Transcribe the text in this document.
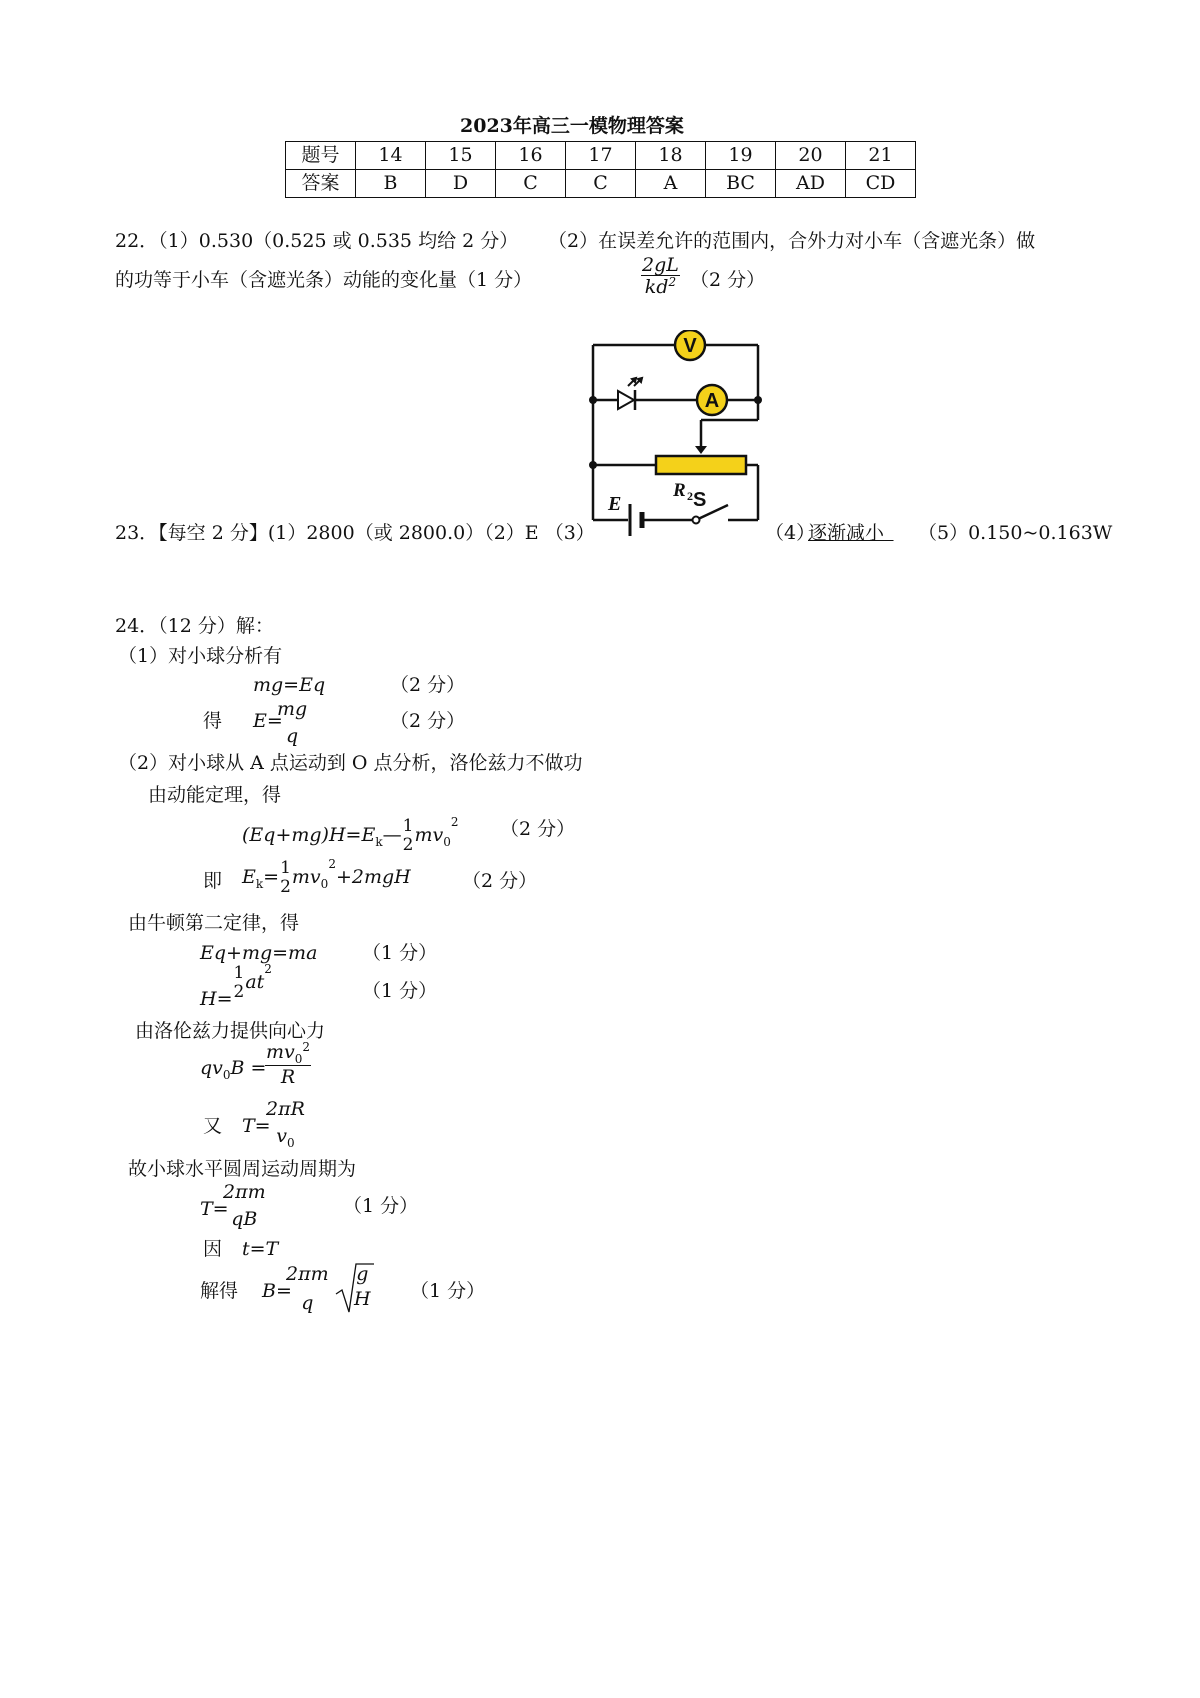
2023年高三一模物理答案
题号	14	15	16	17	18	19	20	21
答案	B	D	C	C	A	BC	AD	CD
22．（1）0.530（0.525 或 0.535 均给 2 分） （2）在误差允许的范围内，合外力对小车（含遮光条）做
的功等于小车（含遮光条）动能的变化量（1 分）	$\frac{2gL}{kd^2} (2$ 分）
V
A
R 2
E	S
23．【每空 2 分】(1）2800（或 2800.0）（2）E （3）	（4）
逐渐减小 	（5）0.150~0.163W
24．（12 分）解：
（1）对小球分析有
mg=Eq	（2 分）
得 E=
mg
q
（2 分）
（2）对小球从 A 点运动到 O 点分析，洛伦兹力不做功
由动能定理，得
$(Eq+mg)H=E_k—$ 1
2 $mv_0^2$ （2 分）
即 $E_k= 1$
2 $mv_0^2+2mgH$	（2 分）
由牛顿第二定律，得
Eq+mg=ma （1 分）
H=
1
2 $at^2$
（1 分）
由洛伦兹力提供向心力
$qv_0B$ =
$\frac{mv_0^2}{R}$
又 T=
2πR
$v_0$
故小球水平圆周运动周期为
T=
2πm
qB
（1 分）
因 t=T
解得 B=
2πm
q
g
H （1 分）
